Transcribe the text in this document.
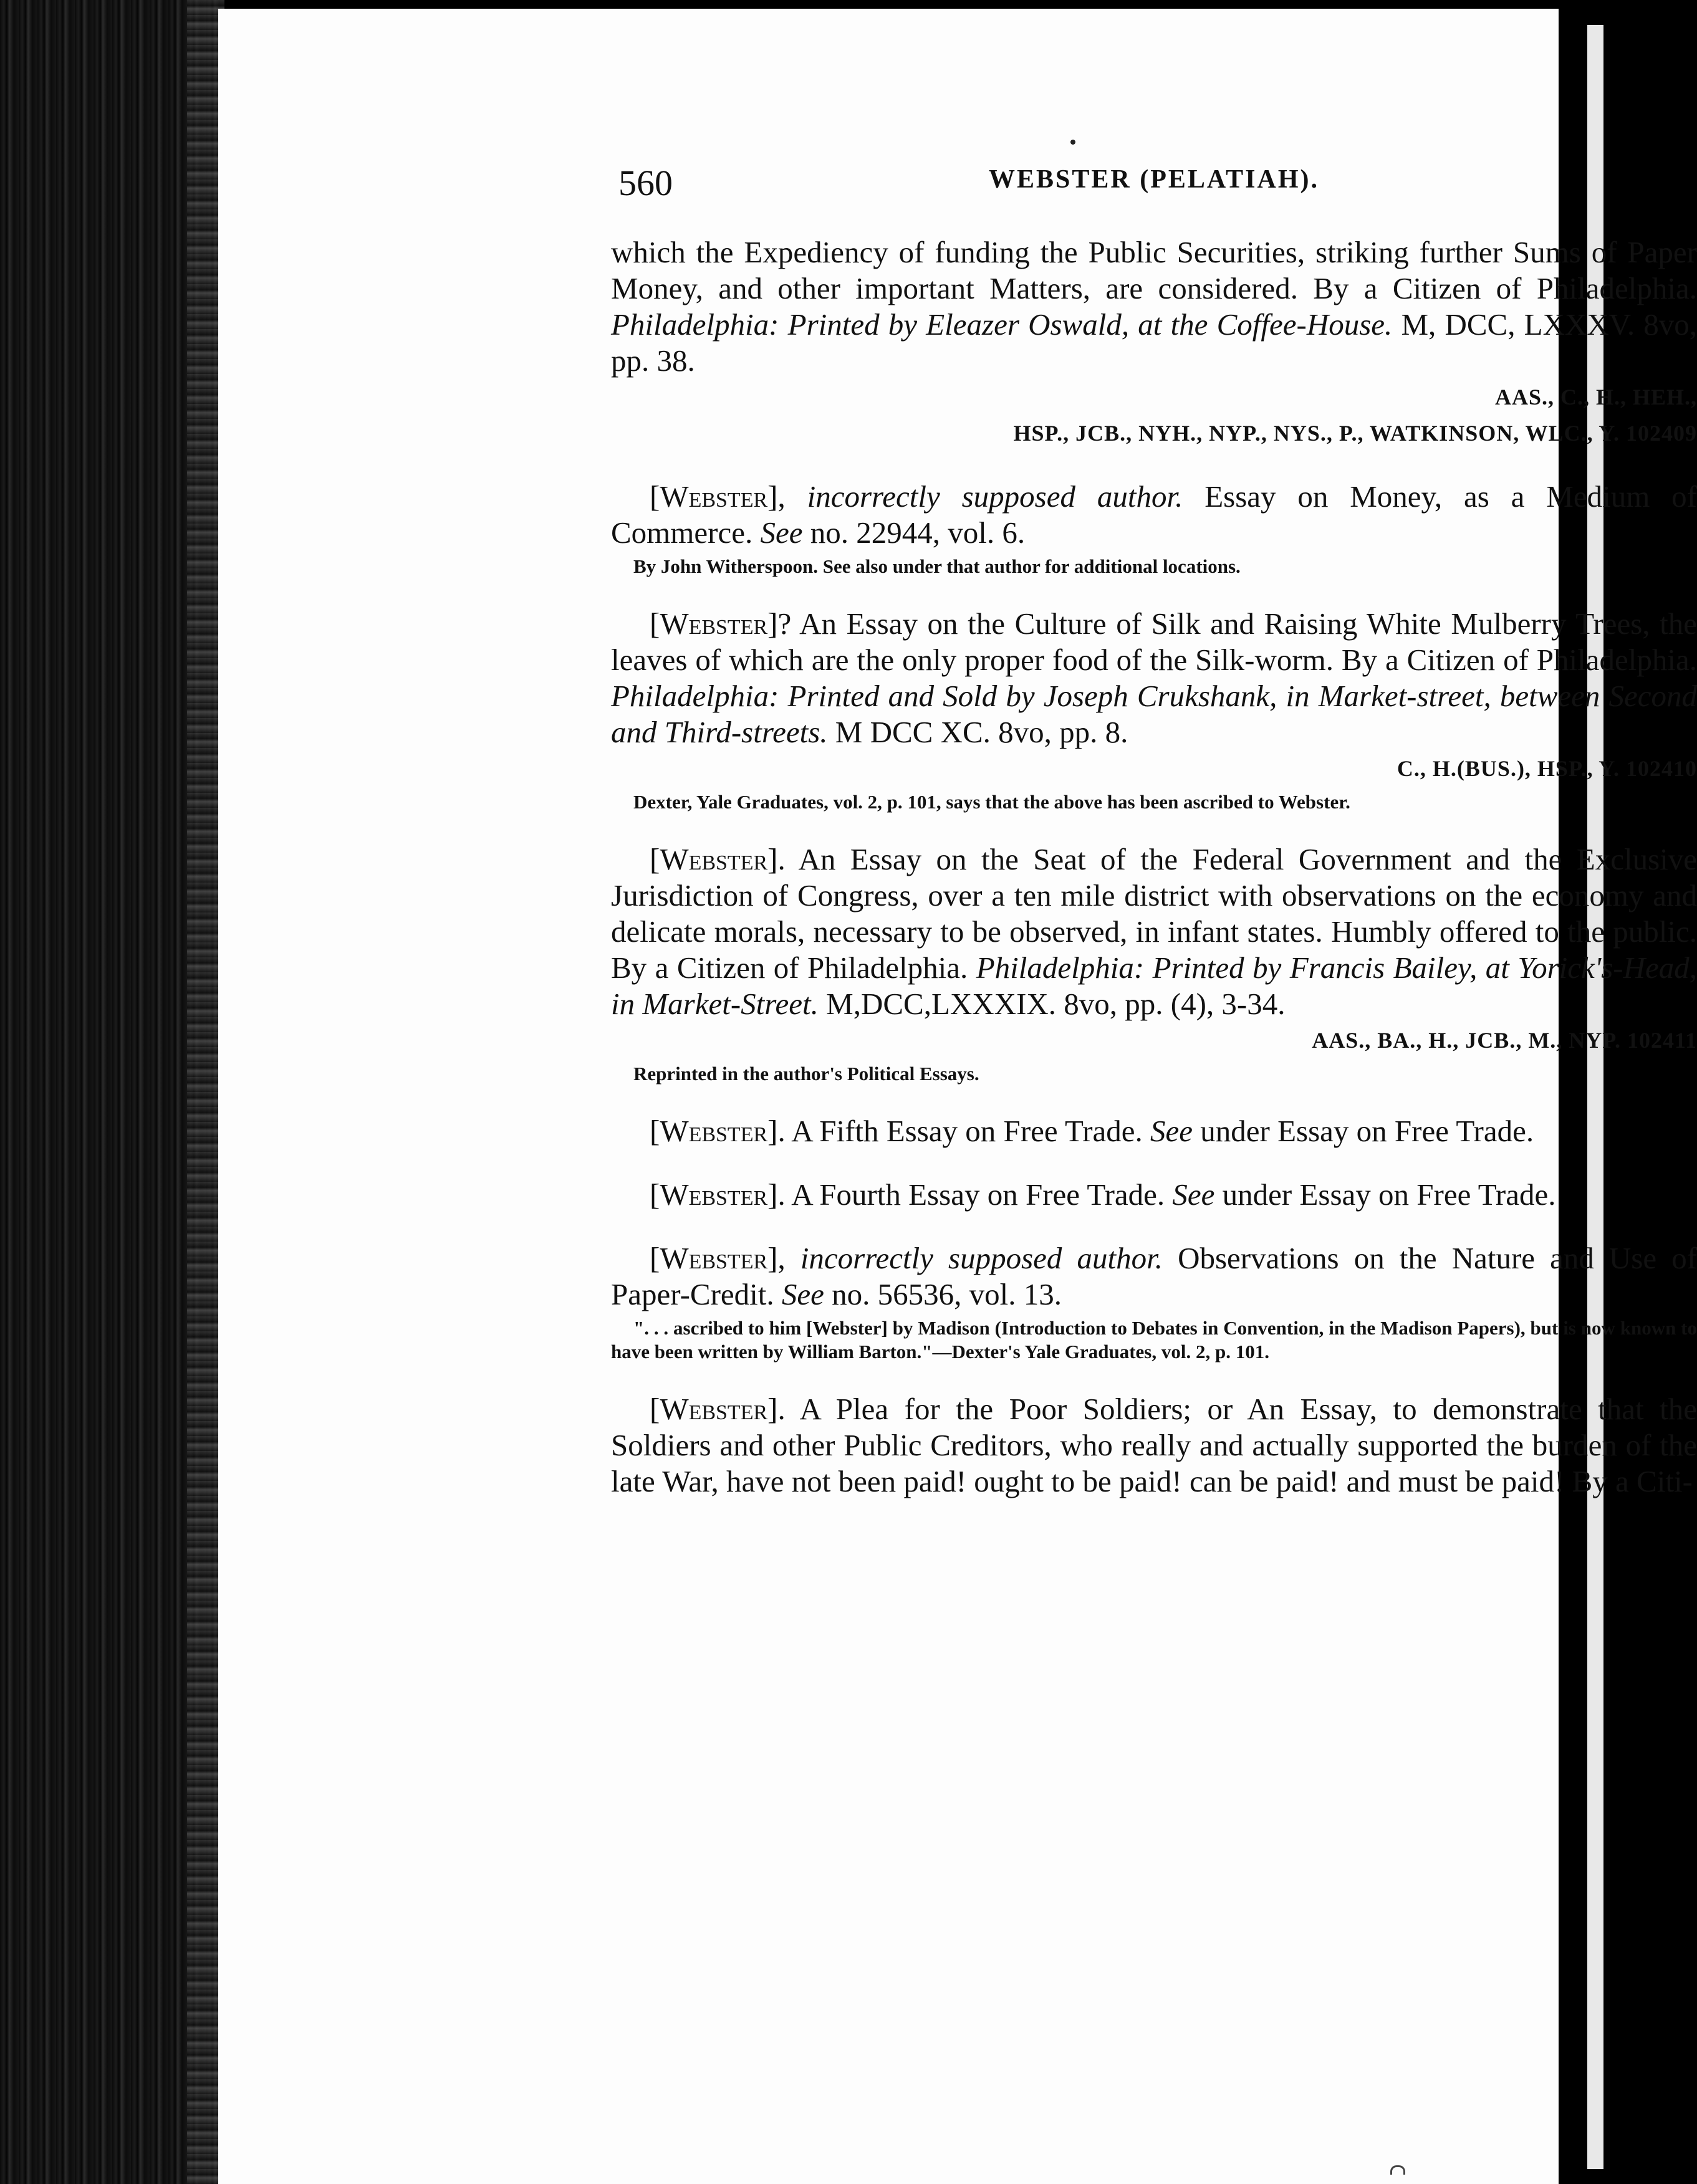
560	WEBSTER (PELATIAH).

which the Expediency of funding the Public Securities, striking further Sums of Paper Money, and other important Matters, are considered. By a Citizen of Philadelphia. Philadelphia: Printed by Eleazer Oswald, at the Coffee-House. M, DCC, LXXXV. 8vo, pp. 38.

AAS., C., H., HEH.,
HSP., JCB., NYH., NYP., NYS., P., WATKINSON, WLC., Y. 102409

[Webster], incorrectly supposed author. Essay on Money, as a Medium of Commerce. See no. 22944, vol. 6.

By John Witherspoon. See also under that author for additional locations.

[Webster]? An Essay on the Culture of Silk and Raising White Mulberry Trees, the leaves of which are the only proper food of the Silk-worm. By a Citizen of Philadelphia. Philadelphia: Printed and Sold by Joseph Crukshank, in Market-street, between Second and Third-streets. M DCC XC. 8vo, pp. 8.

C., H.(BUS.), HSP., Y. 102410

Dexter, Yale Graduates, vol. 2, p. 101, says that the above has been ascribed to Webster.

[Webster]. An Essay on the Seat of the Federal Government and the Exclusive Jurisdiction of Congress, over a ten mile district with observations on the economy and delicate morals, necessary to be observed, in infant states. Humbly offered to the public. By a Citizen of Philadelphia. Philadelphia: Printed by Francis Bailey, at Yorick's-Head, in Market-Street. M,DCC,LXXXIX. 8vo, pp. (4), 3-34.

AAS., BA., H., JCB., M., NYP. 102411

Reprinted in the author's Political Essays.

[Webster]. A Fifth Essay on Free Trade. See under Essay on Free Trade.

[Webster]. A Fourth Essay on Free Trade. See under Essay on Free Trade.

[Webster], incorrectly supposed author. Observations on the Nature and Use of Paper-Credit. See no. 56536, vol. 13.

". . . ascribed to him [Webster] by Madison (Introduction to Debates in Convention, in the Madison Papers), but is now known to have been written by William Barton."—Dexter's Yale Graduates, vol. 2, p. 101.

[Webster]. A Plea for the Poor Soldiers; or An Essay, to demonstrate that the Soldiers and other Public Creditors, who really and actually supported the burden of the late War, have not been paid! ought to be paid! can be paid! and must be paid! By a Citi-
